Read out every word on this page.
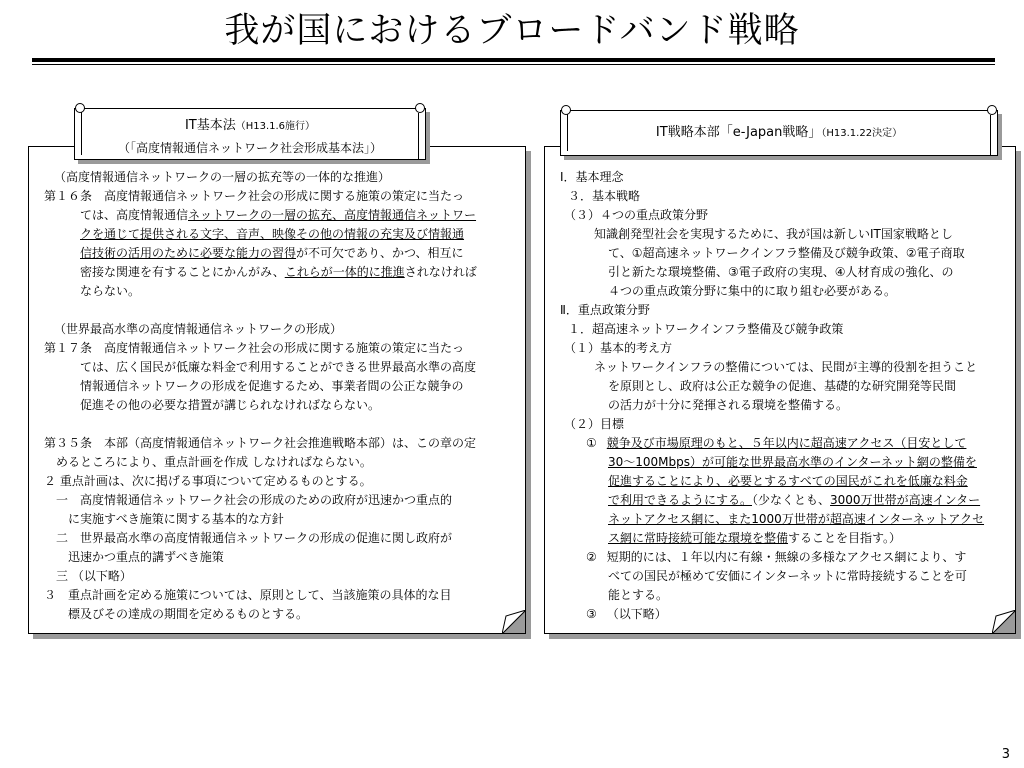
我が国におけるブロードバンド戦略

（高度情報通信ネットワークの一層の拡充等の一体的な推進）

第１６条　高度情報通信ネットワーク社会の形成に関する施策の策定に当たっ

ては、高度情報通信ネットワークの一層の拡充、高度情報通信ネットワー

クを通じて提供される文字、音声、映像その他の情報の充実及び情報通

信技術の活用のために必要な能力の習得が不可欠であり、かつ、相互に

密接な関連を有することにかんがみ、これらが一体的に推進されなければ

ならない。

（世界最高水準の高度情報通信ネットワークの形成）

第１７条　高度情報通信ネットワーク社会の形成に関する施策の策定に当たっ

ては、広く国民が低廉な料金で利用することができる世界最高水準の高度

情報通信ネットワークの形成を促進するため、事業者間の公正な競争の

促進その他の必要な措置が講じられなければならない。

第３５条　本部（高度情報通信ネットワーク社会推進戦略本部）は、この章の定

めるところにより、重点計画を作成 しなければならない。

２ 重点計画は、次に掲げる事項について定めるものとする。

一　高度情報通信ネットワーク社会の形成のための政府が迅速かつ重点的

に実施すべき施策に関する基本的な方針

二　世界最高水準の高度情報通信ネットワークの形成の促進に関し政府が

迅速かつ重点的講ずべき施策

三 （以下略）

３　重点計画を定める施策については、原則として、当該施策の具体的な目

標及びその達成の期間を定めるものとする。

IT基本法（H13.1.6施行）
（「高度情報通信ネットワーク社会形成基本法」）

Ⅰ．基本理念

３．基本戦略

（３）４つの重点政策分野

知識創発型社会を実現するために、我が国は新しいIT国家戦略とし

て、①超高速ネットワークインフラ整備及び競争政策、②電子商取

引と新たな環境整備、③電子政府の実現、④人材育成の強化、の

４つの重点政策分野に集中的に取り組む必要がある。

Ⅱ．重点政策分野

１．超高速ネットワークインフラ整備及び競争政策

（１）基本的考え方

ネットワークインフラの整備については、民間が主導的役割を担うこと

を原則とし、政府は公正な競争の促進、基礎的な研究開発等民間

の活力が十分に発揮される環境を整備する。

（２）目標

① 競争及び市場原理のもと、５年以内に超高速アクセス（目安として

30～100Mbps）が可能な世界最高水準のインターネット網の整備を

促進することにより、必要とするすべての国民がこれを低廉な料金

で利用できるようにする。（少なくとも、3000万世帯が高速インター

ネットアクセス網に、また1000万世帯が超高速インターネットアクセ

ス網に常時接続可能な環境を整備することを目指す。）

② 短期的には、１年以内に有線・無線の多様なアクセス網により、す

べての国民が極めて安価にインターネットに常時接続することを可

能とする。

③ （以下略）

IT戦略本部「e-Japan戦略」（H13.1.22決定）
3
